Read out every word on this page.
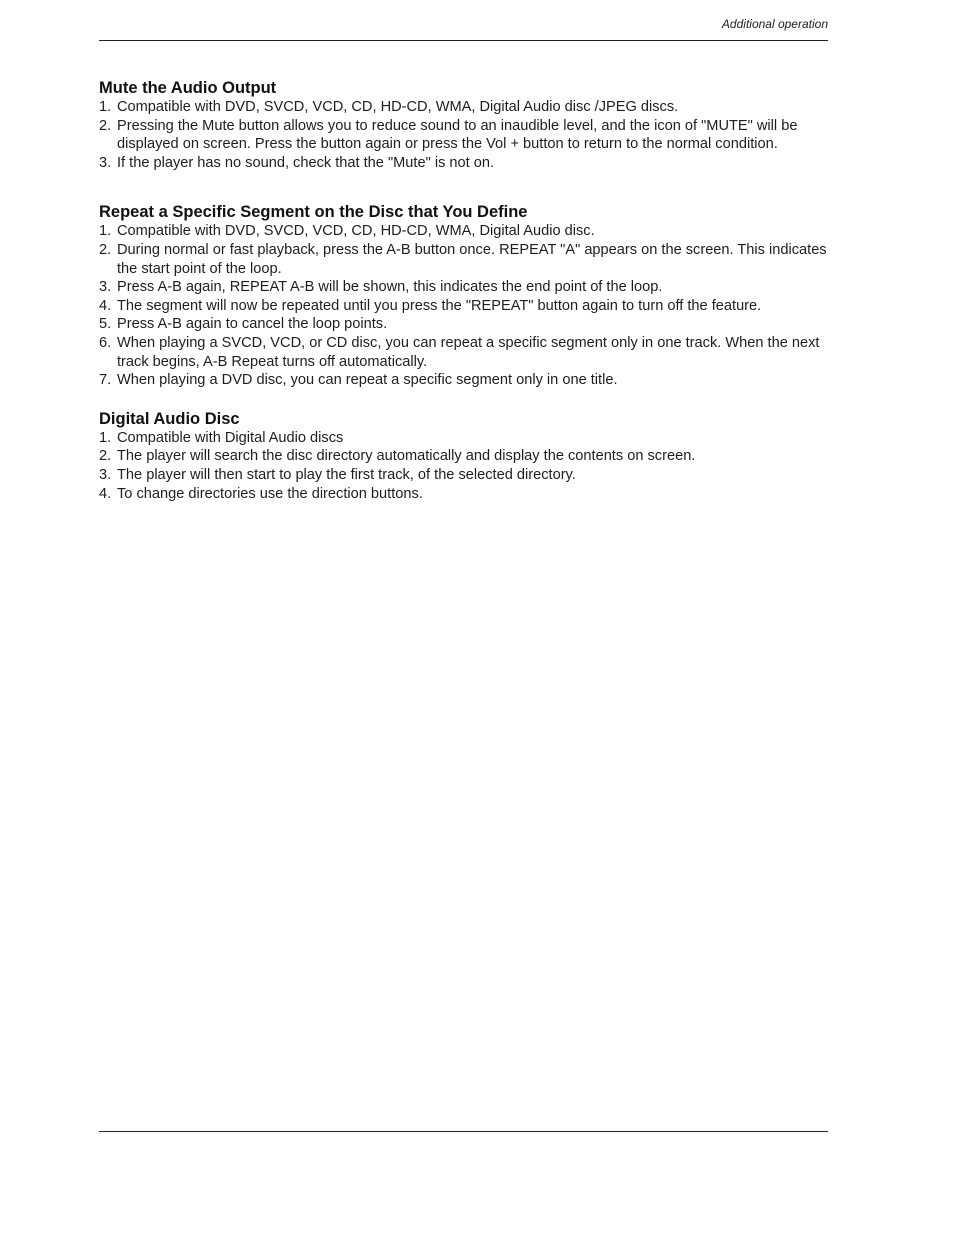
Additional operation
Mute the Audio Output
1. Compatible with DVD, SVCD, VCD, CD, HD-CD, WMA, Digital Audio disc /JPEG discs.
2. Pressing the Mute button allows you to reduce sound to an inaudible level, and the icon of "MUTE" will be displayed on screen. Press the button again or press the Vol + button to return to the normal condition.
3. If the player has no sound, check that the "Mute" is not on.
Repeat a Specific Segment on the Disc that You Define
1. Compatible with DVD, SVCD, VCD, CD, HD-CD, WMA, Digital Audio disc.
2. During normal or fast playback, press the A-B button once. REPEAT "A" appears on the screen. This indicates the start point of the loop.
3. Press A-B again, REPEAT A-B will be shown, this indicates the end point of the loop.
4. The segment will now be repeated until you press the "REPEAT" button again to turn off the feature.
5. Press A-B again to cancel the loop points.
6. When playing a SVCD, VCD, or CD disc, you can repeat a specific segment only in one track. When the next track begins, A-B Repeat turns off automatically.
7. When playing a DVD disc, you can repeat a specific segment only in one title.
Digital Audio Disc
1. Compatible with Digital Audio discs
2. The player will search the disc directory automatically and display the contents on screen.
3. The player will then start to play the first track, of the selected directory.
4. To change directories use the direction buttons.
